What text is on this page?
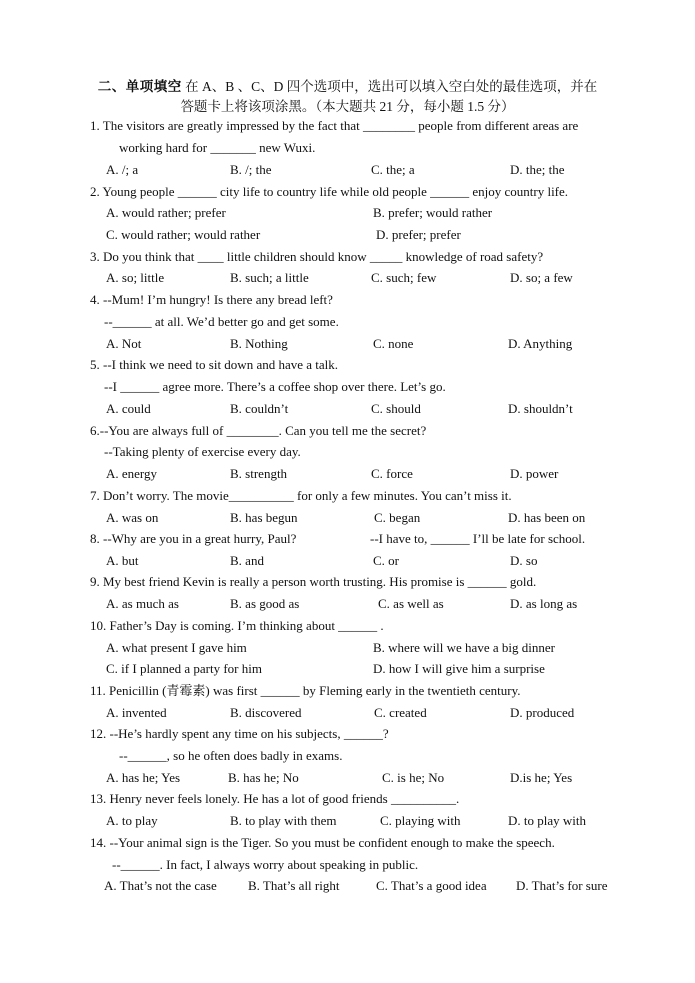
二、单项填空 在 A、B 、C、D 四个选项中，选出可以填入空白处的最佳选项，并在
答题卡上将该项涂黑。（本大题共 21 分，每小题 1.5 分）
1. The visitors are greatly impressed by the fact that ________ people from different areas are
working hard for _______ new Wuxi.
A. /; a	B. /; the	C. the; a	D. the; the
2. Young people ______ city life to country life while old people ______ enjoy country life.
A. would rather; prefer	B. prefer; would rather
C. would rather; would rather	D. prefer; prefer
3. Do you think that ____ little children should know _____ knowledge of road safety?
A. so; little	B. such; a little	C. such; few	D. so; a few
4. --Mum! I’m hungry! Is there any bread left?
--______ at all. We’d better go and get some.
A. Not	B. Nothing	C. none	D. Anything
5. --I think we need to sit down and have a talk.
--I ______ agree more. There’s a coffee shop over there. Let’s go.
A. could	B. couldn’t	C. should	D. shouldn’t
6.--You are always full of ________. Can you tell me the secret?
--Taking plenty of exercise every day.
A. energy	B. strength	C. force	D. power
7. Don’t worry. The movie__________ for only a few minutes. You can’t miss it.
A. was on	B. has begun	C. began	D. has been on
8. --Why are you in a great hurry, Paul?	--I have to, ______ I’ll be late for school.
A. but	B. and	C. or	D. so
9. My best friend Kevin is really a person worth trusting. His promise is ______ gold.
A. as much as	B. as good as	C. as well as	D. as long as
10. Father’s Day is coming. I’m thinking about ______ .
A. what present I gave him	B. where will we have a big dinner
C. if I planned a party for him	D. how I will give him a surprise
11. Penicillin (青霉素) was first ______ by Fleming early in the twentieth century.
A. invented	B. discovered	C. created	D. produced
12. --He’s hardly spent any time on his subjects, ______?
--______, so he often does badly in exams.
A. has he; Yes	B. has he; No	C. is he; No	D.is he; Yes
13. Henry never feels lonely. He has a lot of good friends __________.
A. to play	B. to play with them	C. playing with	D. to play with
14. --Your animal sign is the Tiger. So you must be confident enough to make the speech.
--______. In fact, I always worry about speaking in public.
A. That’s not the case B. That’s all right	C. That’s a good idea D. That’s for sure
